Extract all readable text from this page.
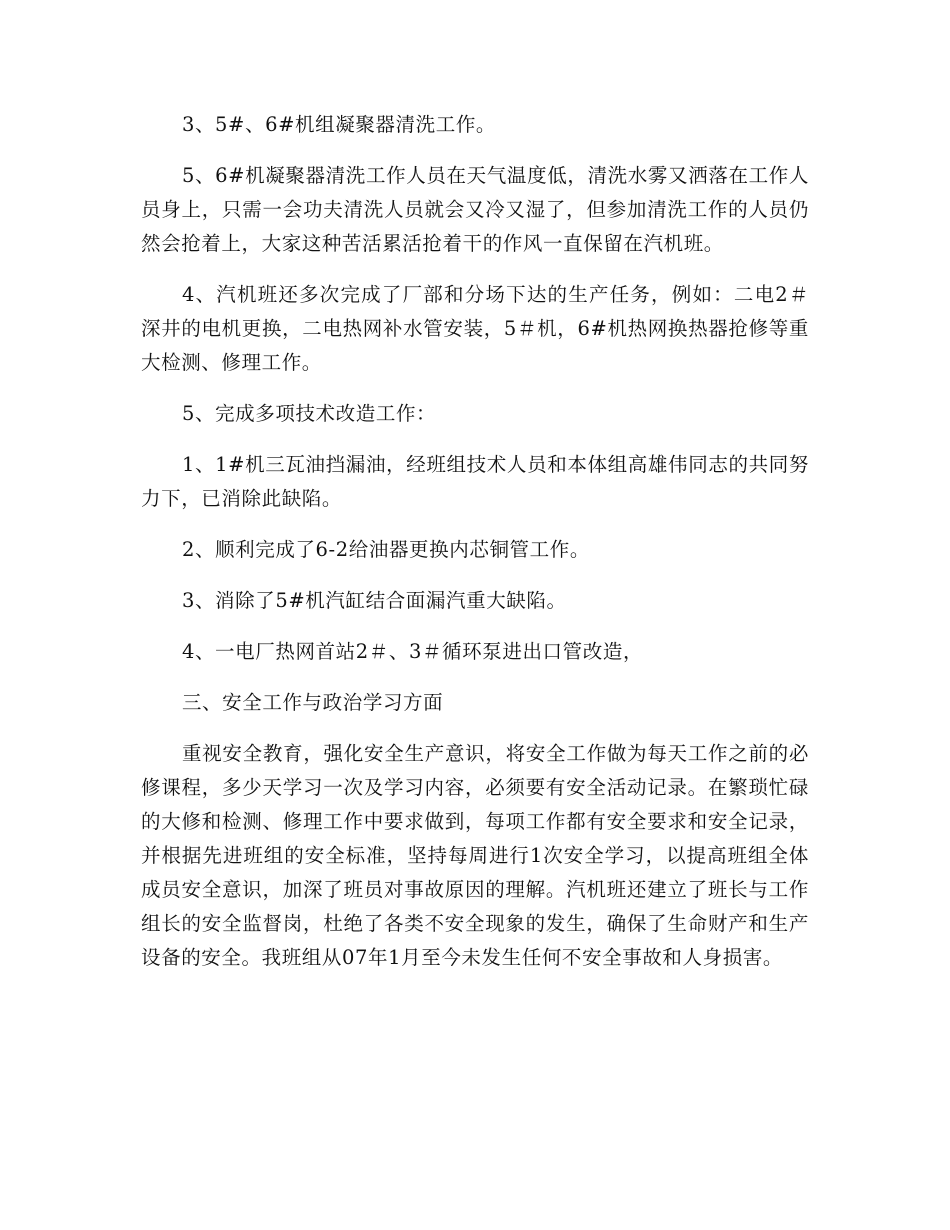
3、5#、6#机组凝聚器清洗工作。

5、6#机凝聚器清洗工作人员在天气温度低，清洗水雾又洒落在工作人员身上，只需一会功夫清洗人员就会又冷又湿了，但参加清洗工作的人员仍然会抢着上，大家这种苦活累活抢着干的作风一直保留在汽机班。

4、汽机班还多次完成了厂部和分场下达的生产任务，例如：二电2＃深井的电机更换，二电热网补水管安装，5＃机，6#机热网换热器抢修等重大检测、修理工作。

5、完成多项技术改造工作：

1、1#机三瓦油挡漏油，经班组技术人员和本体组高雄伟同志的共同努力下，已消除此缺陷。

2、顺利完成了6-2给油器更换内芯铜管工作。

3、消除了5#机汽缸结合面漏汽重大缺陷。

4、一电厂热网首站2＃、3＃循环泵进出口管改造，

三、安全工作与政治学习方面

重视安全教育，强化安全生产意识，将安全工作做为每天工作之前的必修课程，多少天学习一次及学习内容，必须要有安全活动记录。在繁琐忙碌的大修和检测、修理工作中要求做到，每项工作都有安全要求和安全记录，并根据先进班组的安全标准，坚持每周进行1次安全学习，以提高班组全体成员安全意识，加深了班员对事故原因的理解。汽机班还建立了班长与工作组长的安全监督岗，杜绝了各类不安全现象的发生，确保了生命财产和生产设备的安全。我班组从07年1月至今未发生任何不安全事故和人身损害。
